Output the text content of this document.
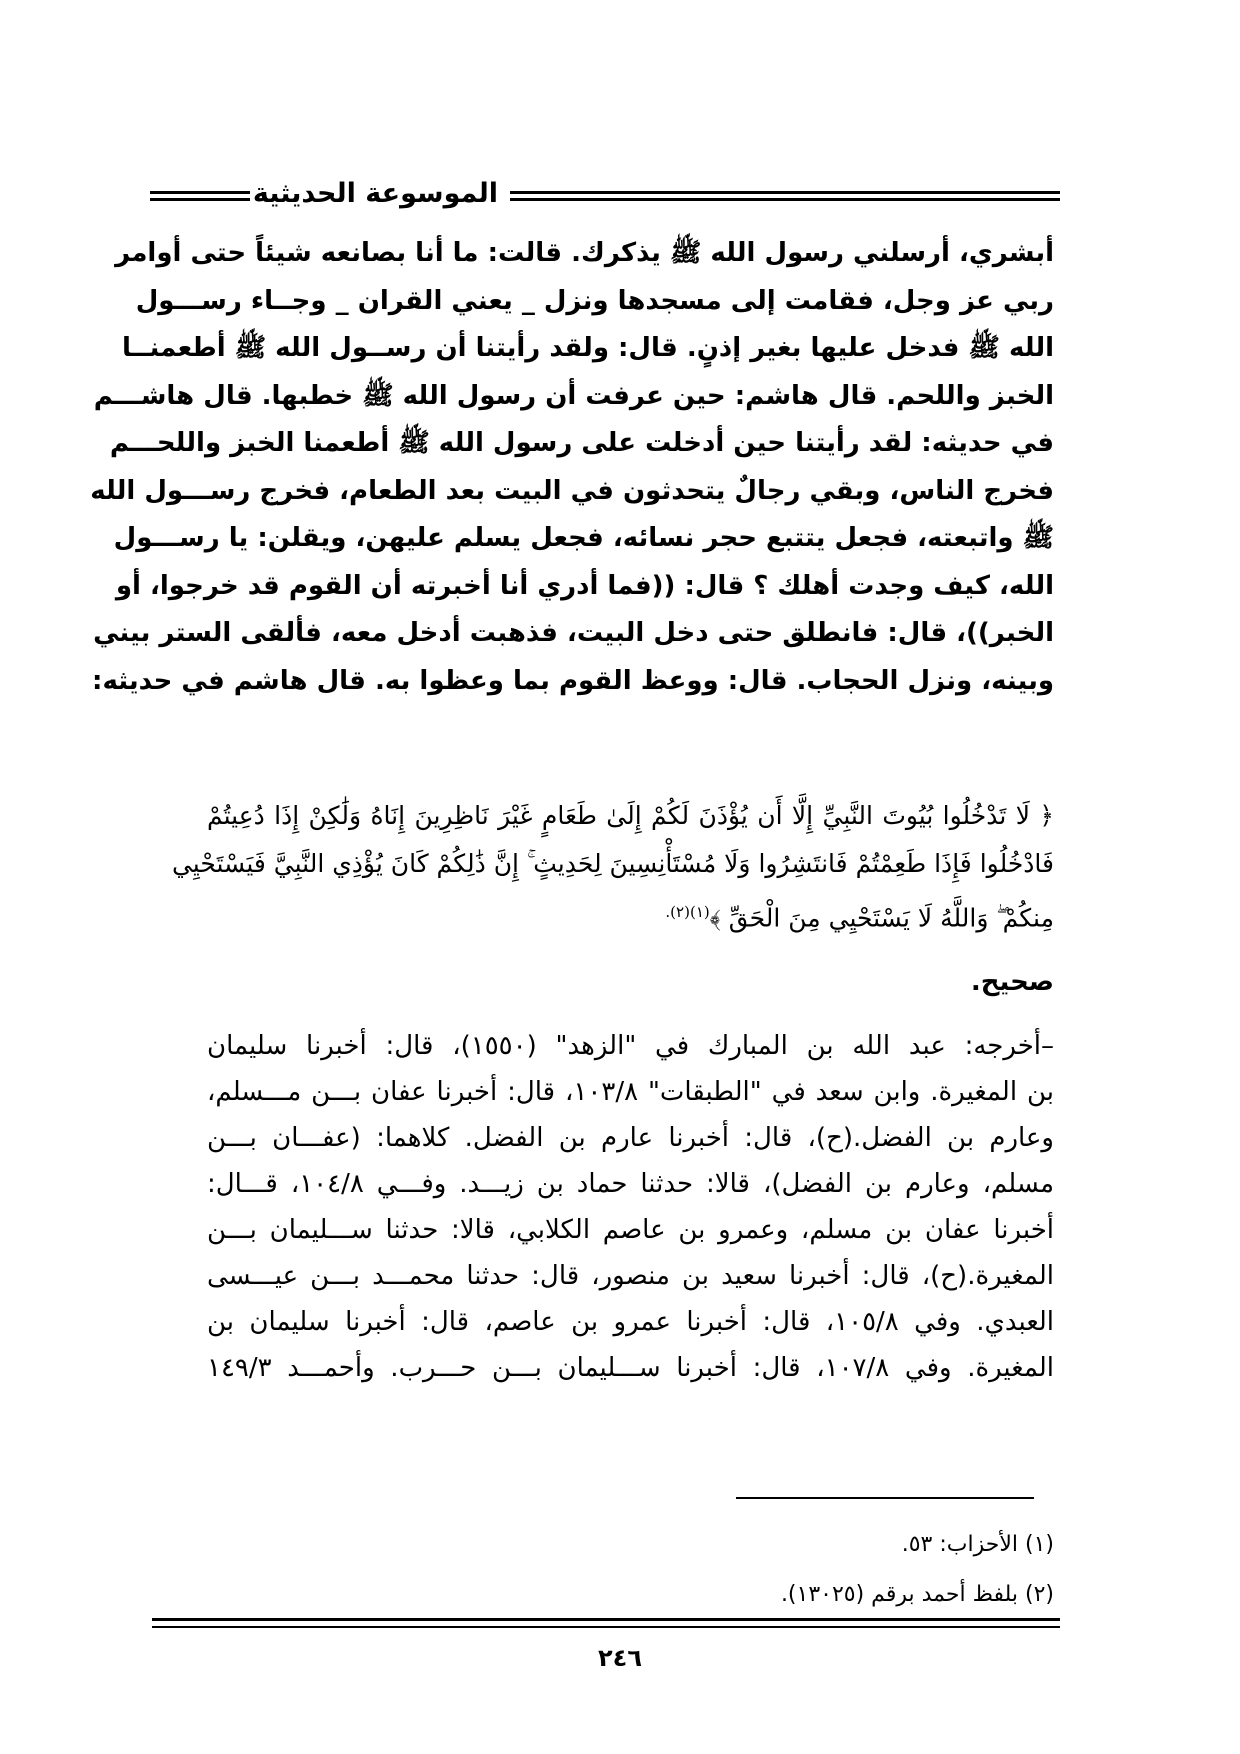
الموسوعة الحديثية
أبشري، أرسلني رسول الله ﷺ يذكرك. قالت: ما أنا بصانعه شيئاً حتى أوامر
ربي عز وجل، فقامت إلى مسجدها ونزل _ يعني القران _ وجــاء رســـول
الله ﷺ فدخل عليها بغير إذنٍ. قال: ولقد رأيتنا أن رســول الله ﷺ أطعمنــا
الخبز واللحم. قال هاشم: حين عرفت أن رسول الله ﷺ خطبها. قال هاشـــم
في حديثه: لقد رأيتنا حين أدخلت على رسول الله ﷺ أطعمنا الخبز واللحـــم
فخرج الناس، وبقي رجالٌ يتحدثون في البيت بعد الطعام، فخرج رســـول الله
ﷺ واتبعته، فجعل يتتبع حجر نسائه، فجعل يسلم عليهن، ويقلن: يا رســـول
الله، كيف وجدت أهلك ؟ قال: ((فما أدري أنا أخبرته أن القوم قد خرجوا، أو
الخبر))، قال: فانطلق حتى دخل البيت، فذهبت أدخل معه، فألقى الستر بيني
وبينه، ونزل الحجاب. قال: ووعظ القوم بما وعظوا به. قال هاشم في حديثه:
﴿ لَا تَدْخُلُوا بُيُوتَ النَّبِيِّ إِلَّا أَن يُؤْذَنَ لَكُمْ إِلَىٰ طَعَامٍ غَيْرَ نَاظِرِينَ إِنَاهُ وَلَٰكِنْ إِذَا دُعِيتُمْ
فَادْخُلُوا فَإِذَا طَعِمْتُمْ فَانتَشِرُوا وَلَا مُسْتَأْنِسِينَ لِحَدِيثٍ ۚ إِنَّ ذَٰلِكُمْ كَانَ يُؤْذِي النَّبِيَّ فَيَسْتَحْيِي
مِنكُمْ ۖ وَاللَّهُ لَا يَسْتَحْيِي مِنَ الْحَقِّ ﴾$^{(١)(٢).}$
صحيح.
–أخرجه: عبد الله بن المبارك في "الزهد" (١٥٥٠)، قال: أخبرنا سليمان
بن المغيرة. وابن سعد في "الطبقات" ١٠٣/٨، قال: أخبرنا عفان بـــن مـــسلم،
وعارم بن الفضل.(ح)، قال: أخبرنا عارم بن الفضل. كلاهما: (عفـــان بـــن
مسلم، وعارم بن الفضل)، قالا: حدثنا حماد بن زيـــد. وفـــي ١٠٤/٨، قـــال:
أخبرنا عفان بن مسلم، وعمرو بن عاصم الكلابي، قالا: حدثنا ســـليمان بـــن
المغيرة.(ح)، قال: أخبرنا سعيد بن منصور، قال: حدثنا محمـــد بـــن عيـــسى
العبدي. وفي ١٠٥/٨، قال: أخبرنا عمرو بن عاصم، قال: أخبرنا سليمان بن
المغيرة. وفي ١٠٧/٨، قال: أخبرنا ســـليمان بـــن حـــرب. وأحمـــد ١٤٩/٣
(١) الأحزاب: ٥٣.
(٢) بلفظ أحمد برقم (١٣٠٢٥).
٢٤٦
